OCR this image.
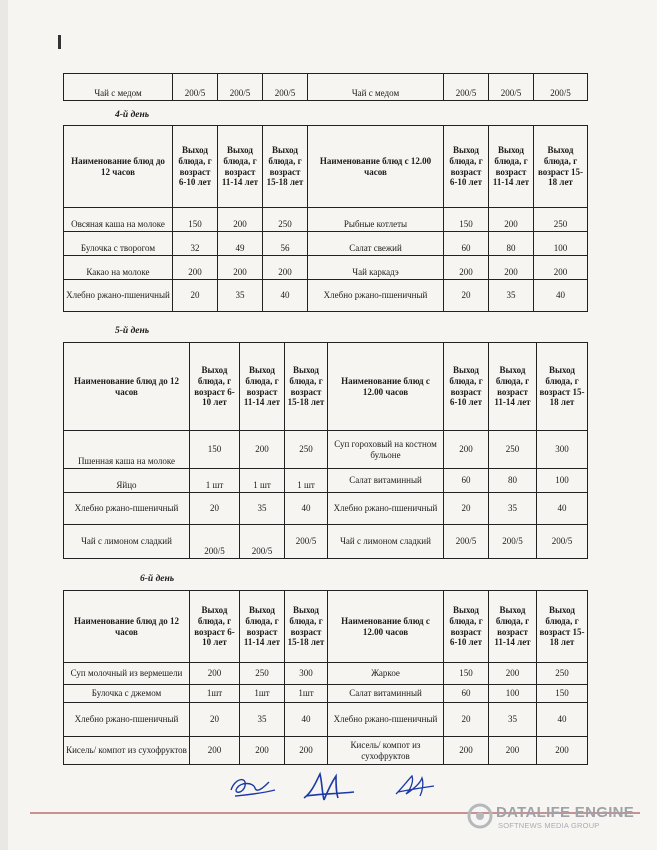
Чай с медом	200/5	200/5	200/5	Чай с медом	200/5	200/5	200/5
4-й день
Наименование блюд до 12 часов	Выход блюда, г возраст 6-10 лет	Выход блюда, г возраст 11-14 лет	Выход блюда, г возраст 15-18 лет	Наименование блюд с 12.00 часов	Выход блюда, г возраст 6-10 лет	Выход блюда, г возраст 11-14 лет	Выход блюда, г возраст 15-18 лет
Овсяная каша на молоке	150	200	250	Рыбные котлеты	150	200	250
Булочка с творогом	32	49	56	Салат свежий	60	80	100
Какао на молоке	200	200	200	Чай каркадэ	200	200	200
Хлебно ржано-пшеничный	20	35	40	Хлебно ржано-пшеничный	20	35	40
5-й день
Наименование блюд до 12 часов	Выход блюда, г возраст 6-10 лет	Выход блюда, г возраст 11-14 лет	Выход блюда, г возраст 15-18 лет	Наименование блюд с 12.00 часов	Выход блюда, г возраст 6-10 лет	Выход блюда, г возраст 11-14 лет	Выход блюда, г возраст 15-18 лет
Пшенная каша на молоке	150	200	250	Суп гороховый на костном бульоне	200	250	300
Яйцо	1 шт	1 шт	1 шт	Салат витаминный	60	80	100
Хлебно ржано-пшеничный	20	35	40	Хлебно ржано-пшеничный	20	35	40
Чай с лимоном сладкий	200/5	200/5	200/5	Чай с лимоном сладкий	200/5	200/5	200/5
6-й день
Наименование блюд до 12 часов	Выход блюда, г возраст 6-10 лет	Выход блюда, г возраст 11-14 лет	Выход блюда, г возраст 15-18 лет	Наименование блюд с 12.00 часов	Выход блюда, г возраст 6-10 лет	Выход блюда, г возраст 11-14 лет	Выход блюда, г возраст 15-18 лет
Суп молочный из вермешели	200	250	300	Жаркое	150	200	250
Булочка с джемом	1шт	1шт	1шт	Салат витаминный	60	100	150
Хлебно ржано-пшеничный	20	35	40	Хлебно ржано-пшеничный	20	35	40
Кисель/ компот из сухофруктов	200	200	200	Кисель/ компот из сухофруктов	200	200	200
DATALIFE ENGINE
SOFTNEWS MEDIA GROUP
